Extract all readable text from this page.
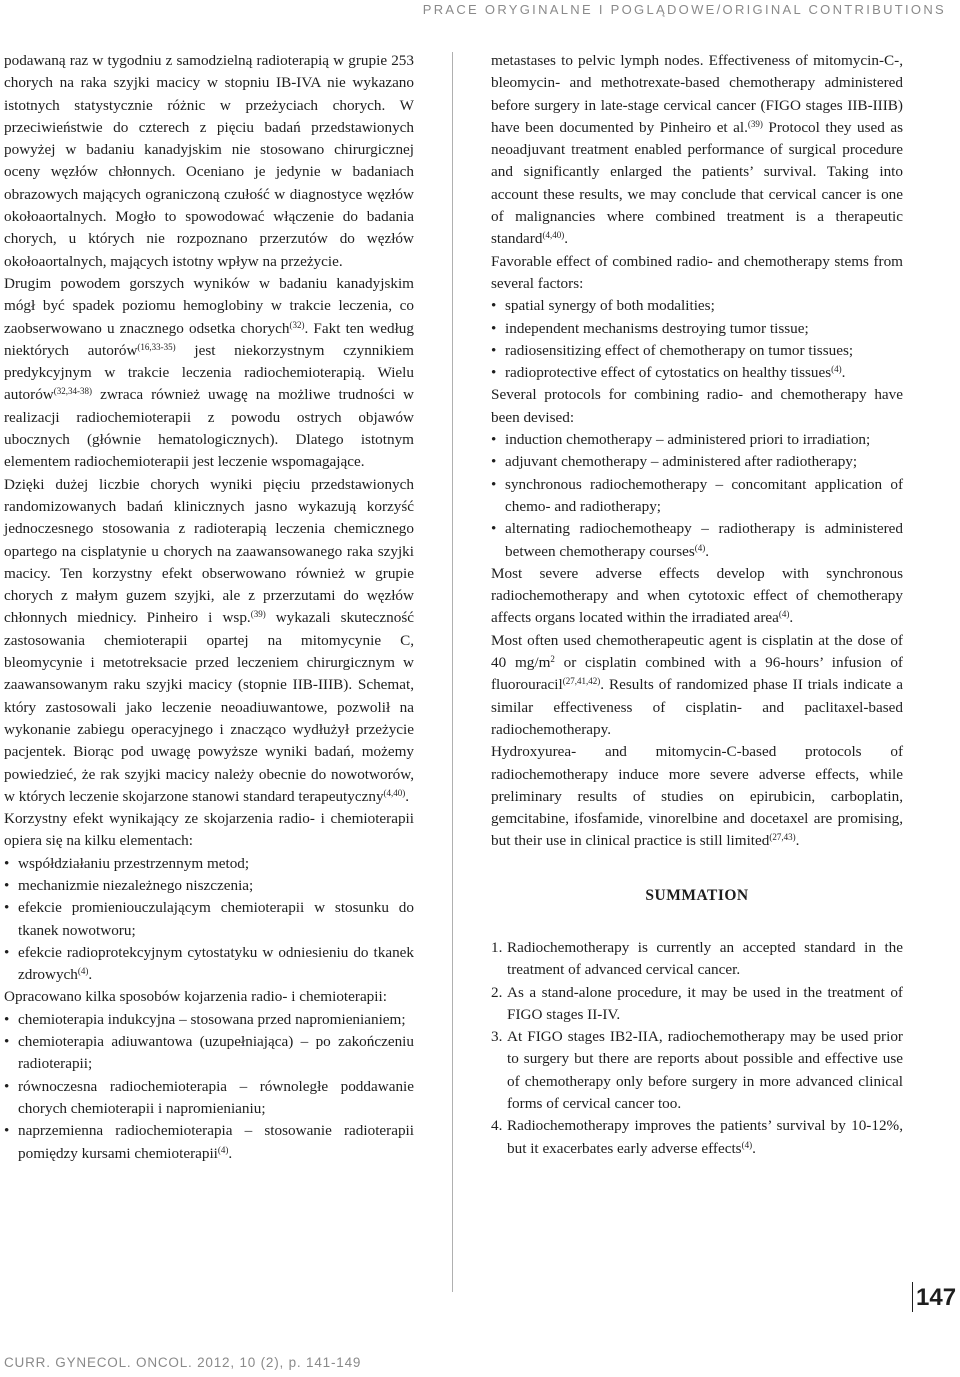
PRACE ORYGINALNE I POGLĄDOWE/ORIGINAL CONTRIBUTIONS

podawaną raz w tygodniu z samodzielną radioterapią w grupie 253 chorych na raka szyjki macicy w stopniu IB-IVA nie wykazano istotnych statystycznie różnic w przeżyciach chorych. W przeciwieństwie do czterech z pięciu badań przedstawionych powyżej w badaniu kanadyjskim nie stosowano chirurgicznej oceny węzłów chłonnych. Oceniano je jedynie w badaniach obrazowych mających ograniczoną czułość w diagnostyce węzłów okołoaortalnych. Mogło to spowodować włączenie do badania chorych, u których nie rozpoznano przerzutów do węzłów okołoaortalnych, mających istotny wpływ na przeżycie.

Drugim powodem gorszych wyników w badaniu kanadyjskim mógł być spadek poziomu hemoglobiny w trakcie leczenia, co zaobserwowano u znacznego odsetka chorych$^{(32)}$. Fakt ten według niektórych autorów$^{(16,33-35)}$ jest niekorzystnym czynnikiem predykcyjnym w trakcie leczenia radiochemioterapią. Wielu autorów$^{(32,34-38)}$ zwraca również uwagę na możliwe trudności w realizacji radiochemioterapii z powodu ostrych objawów ubocznych (głównie hematologicznych). Dlatego istotnym elementem radiochemioterapii jest leczenie wspomagające.

Dzięki dużej liczbie chorych wyniki pięciu przedstawionych randomizowanych badań klinicznych jasno wykazują korzyść jednoczesnego stosowania z radioterapią leczenia chemicznego opartego na cisplatynie u chorych na zaawansowanego raka szyjki macicy. Ten korzystny efekt obserwowano również w grupie chorych z małym guzem szyjki, ale z przerzutami do węzłów chłonnych miednicy. Pinheiro i wsp.$^{(39)}$ wykazali skuteczność zastosowania chemioterapii opartej na mitomycynie C, bleomycynie i metotreksacie przed leczeniem chirurgicznym w zaawansowanym raku szyjki macicy (stopnie IIB-IIIB). Schemat, który zastosowali jako leczenie neoadiuwantowe, pozwolił na wykonanie zabiegu operacyjnego i znacząco wydłużył przeżycie pacjentek. Biorąc pod uwagę powyższe wyniki badań, możemy powiedzieć, że rak szyjki macicy należy obecnie do nowotworów, w których leczenie skojarzone stanowi standard terapeutyczny$^{(4,40)}$.

Korzystny efekt wynikający ze skojarzenia radio- i chemioterapii opiera się na kilku elementach:

• współdziałaniu przestrzennym metod;
• mechanizmie niezależnego niszczenia;
• efekcie promieniouczulającym chemioterapii w stosunku do tkanek nowotworu;
• efekcie radioprotekcyjnym cytostatyku w odniesieniu do tkanek zdrowych$^{(4)}$.

Opracowano kilka sposobów kojarzenia radio- i chemioterapii:

• chemioterapia indukcyjna – stosowana przed napromienianiem;
• chemioterapia adiuwantowa (uzupełniająca) – po zakończeniu radioterapii;
• równoczesna radiochemioterapia – równoległe poddawanie chorych chemioterapii i napromienianiu;
• naprzemienna radiochemioterapia – stosowanie radioterapii pomiędzy kursami chemioterapii$^{(4)}$.

metastases to pelvic lymph nodes. Effectiveness of mitomycin-C-, bleomycin- and methotrexate-based chemotherapy administered before surgery in late-stage cervical cancer (FIGO stages IIB-IIIB) have been documented by Pinheiro et al.$^{(39)}$ Protocol they used as neoadjuvant treatment enabled performance of surgical procedure and significantly enlarged the patients’ survival. Taking into account these results, we may conclude that cervical cancer is one of malignancies where combined treatment is a therapeutic standard$^{(4,40)}$.

Favorable effect of combined radio- and chemotherapy stems from several factors:

• spatial synergy of both modalities;
• independent mechanisms destroying tumor tissue;
• radiosensitizing effect of chemotherapy on tumor tissues;
• radioprotective effect of cytostatics on healthy tissues$^{(4)}$.

Several protocols for combining radio- and chemotherapy have been devised:

• induction chemotherapy – administered priori to irradiation;
• adjuvant chemotherapy – administered after radiotherapy;
• synchronous radiochemotherapy – concomitant application of chemo- and radiotherapy;
• alternating radiochemotheapy – radiotherapy is administered between chemotherapy courses$^{(4)}$.

Most severe adverse effects develop with synchronous radiochemotherapy and when cytotoxic effect of chemotherapy affects organs located within the irradiated area$^{(4)}$.

Most often used chemotherapeutic agent is cisplatin at the dose of 40 $mg/m^2$ or cisplatin combined with a 96-hours’ infusion of fluorouracil$^{(27,41,42)}$. Results of randomized phase II trials indicate a similar effectiveness of cisplatin- and paclitaxel-based radiochemotherapy.

Hydroxyurea- and mitomycin-C-based protocols of radiochemotherapy induce more severe adverse effects, while preliminary results of studies on epirubicin, carboplatin, gemcitabine, ifosfamide, vinorelbine and docetaxel are promising, but their use in clinical practice is still limited$^{(27,43)}$.

SUMMATION
1. Radiochemotherapy is currently an accepted standard in the treatment of advanced cervical cancer.
2. As a stand-alone procedure, it may be used in the treatment of FIGO stages II-IV.
3. At FIGO stages IB2-IIA, radiochemotherapy may be used prior to surgery but there are reports about possible and effective use of chemotherapy only before surgery in more advanced clinical forms of cervical cancer too.
4. Radiochemotherapy improves the patients’ survival by 10-12%, but it exacerbates early adverse effects$^{(4)}$.
147
CURR. GYNECOL. ONCOL. 2012, 10 (2), p. 141-149
